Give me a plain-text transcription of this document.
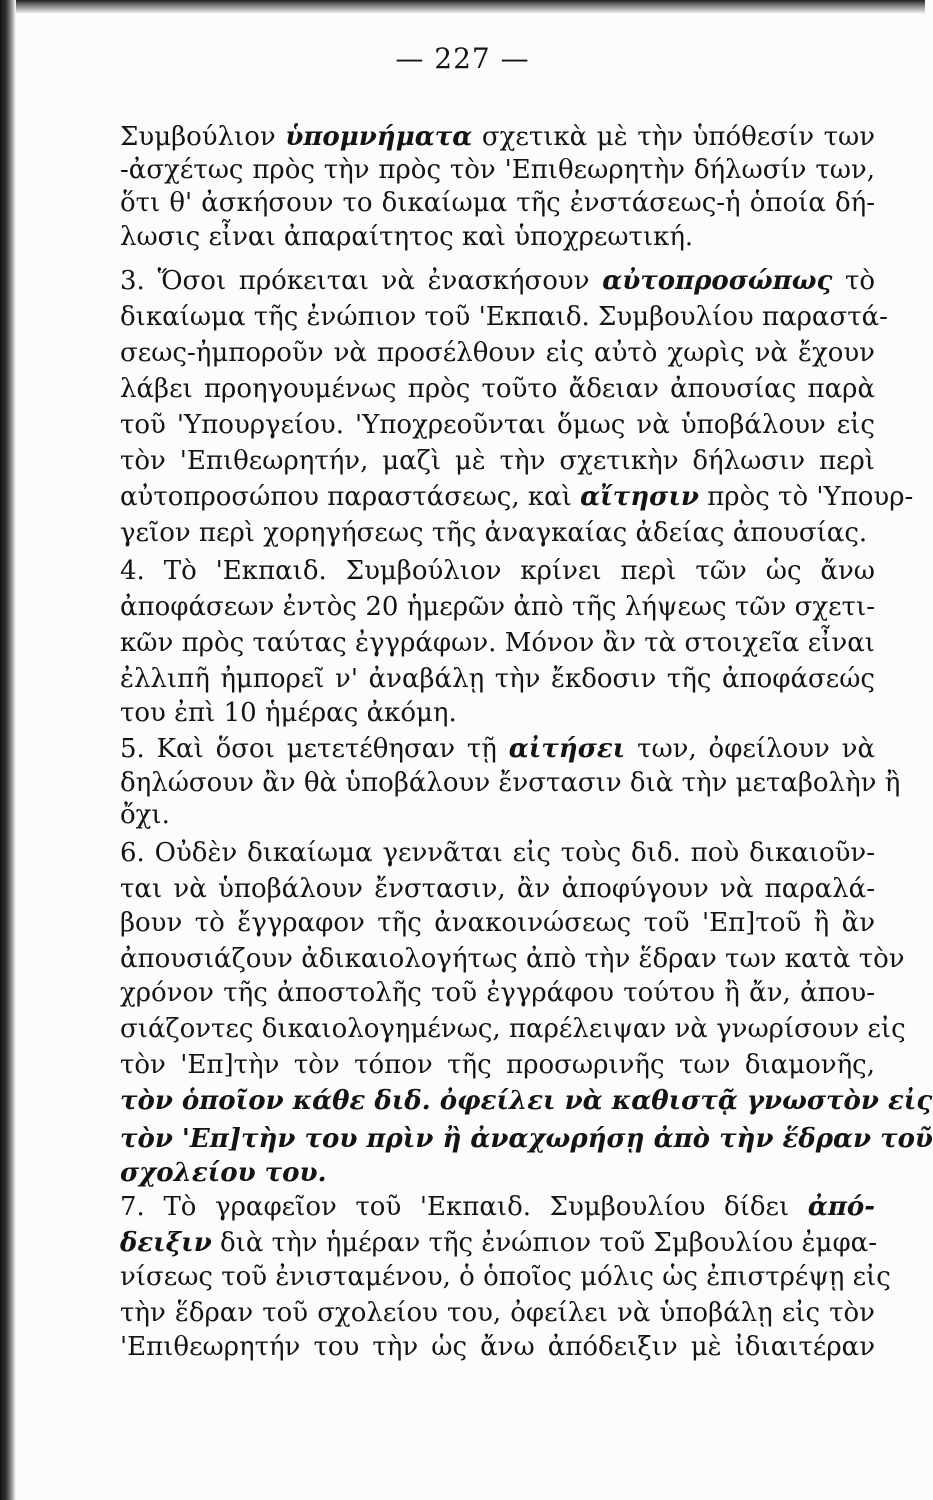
— 227 —
Συμβούλιον ὑπομνήματα σχετικὰ μὲ τὴν ὑπόθεσίν των
-ἀσχέτως πρὸς τὴν πρὸς τὸν 'Επιθεωρητὴν δήλωσίν των,
ὅτι θ' ἀσκήσουν το δικαίωμα τῆς ἐνστάσεως-ἡ ὁποία δή-
λωσις εἶναι ἀπαραίτητος καὶ ὑποχρεωτική.
3. Ὅσοι πρόκειται νὰ ἐνασκήσουν αὐτοπροσώπως τὸ
δικαίωμα τῆς ἐνώπιον τοῦ 'Εκπαιδ. Συμβουλίου παραστά-
σεως-ἠμποροῦν νὰ προσέλθουν εἰς αὐτὸ χωρὶς νὰ ἔχουν
λάβει προηγουμένως πρὸς τοῦτο ἄδειαν ἀπουσίας παρὰ
τοῦ 'Υπουργείου. 'Υποχρεοῦνται ὅμως νὰ ὑποβάλουν εἰς
τὸν 'Επιθεωρητήν, μαζὶ μὲ τὴν σχετικὴν δήλωσιν περὶ
αὐτοπροσώπου παραστάσεως, καὶ αἴτησιν πρὸς τὸ 'Υπουρ-
γεῖον περὶ χορηγήσεως τῆς ἀναγκαίας ἀδείας ἀπουσίας.
4. Τὸ 'Εκπαιδ. Συμβούλιον κρίνει περὶ τῶν ὡς ἄνω
ἀποφάσεων ἐντὸς 20 ἡμερῶν ἀπὸ τῆς λήψεως τῶν σχετι-
κῶν πρὸς ταύτας ἐγγράφων. Μόνον ἂν τὰ στοιχεῖα εἶναι
ἐλλιπῆ ἠμπορεῖ ν' ἀναβάλῃ τὴν ἔκδοσιν τῆς ἀποφάσεώς
του ἐπὶ 10 ἡμέρας ἀκόμη.
5. Καὶ ὅσοι μετετέθησαν τῇ αἰτήσει των, ὀφείλουν νὰ
δηλώσουν ἂν θὰ ὑποβάλουν ἔνστασιν διὰ τὴν μεταβολὴν ἢ
ὄχι.
6. Οὐδὲν δικαίωμα γεννᾶται εἰς τοὺς διδ. ποὺ δικαιοῦν-
ται νὰ ὑποβάλουν ἔνστασιν, ἂν ἀποφύγουν νὰ παραλά-
βουν τὸ ἔγγραφον τῆς ἀνακοινώσεως τοῦ 'Επ]τοῦ ἢ ἂν
ἀπουσιάζουν ἀδικαιολογήτως ἀπὸ τὴν ἕδραν των κατὰ τὸν
χρόνον τῆς ἀποστολῆς τοῦ ἐγγράφου τούτου ἢ ἄν, ἀπου-
σιάζοντες δικαιολογημένως, παρέλειψαν νὰ γνωρίσουν εἰς
τὸν 'Επ]τὴν τὸν τόπον τῆς προσωρινῆς των διαμονῆς,
τὸν ὁποῖον κάθε διδ. ὀφείλει νὰ καθιστᾷ γνωστὸν εἰς
τὸν 'Επ]τὴν του πρὶν ἢ ἀναχωρήσῃ ἀπὸ τὴν ἕδραν τοῦ
σχολείου του.
7. Τὸ γραφεῖον τοῦ 'Εκπαιδ. Συμβουλίου δίδει ἀπό-
δειξιν διὰ τὴν ἡμέραν τῆς ἐνώπιον τοῦ Σμβουλίου ἐμφα-
νίσεως τοῦ ἐνισταμένου, ὁ ὁποῖος μόλις ὡς ἐπιστρέψῃ εἰς
τὴν ἕδραν τοῦ σχολείου του, ὀφείλει νὰ ὑποβάλῃ εἰς τὸν
'Επιθεωρητήν του τὴν ὡς ἄνω ἀπόδειξιν μὲ ἰδιαιτέραν
